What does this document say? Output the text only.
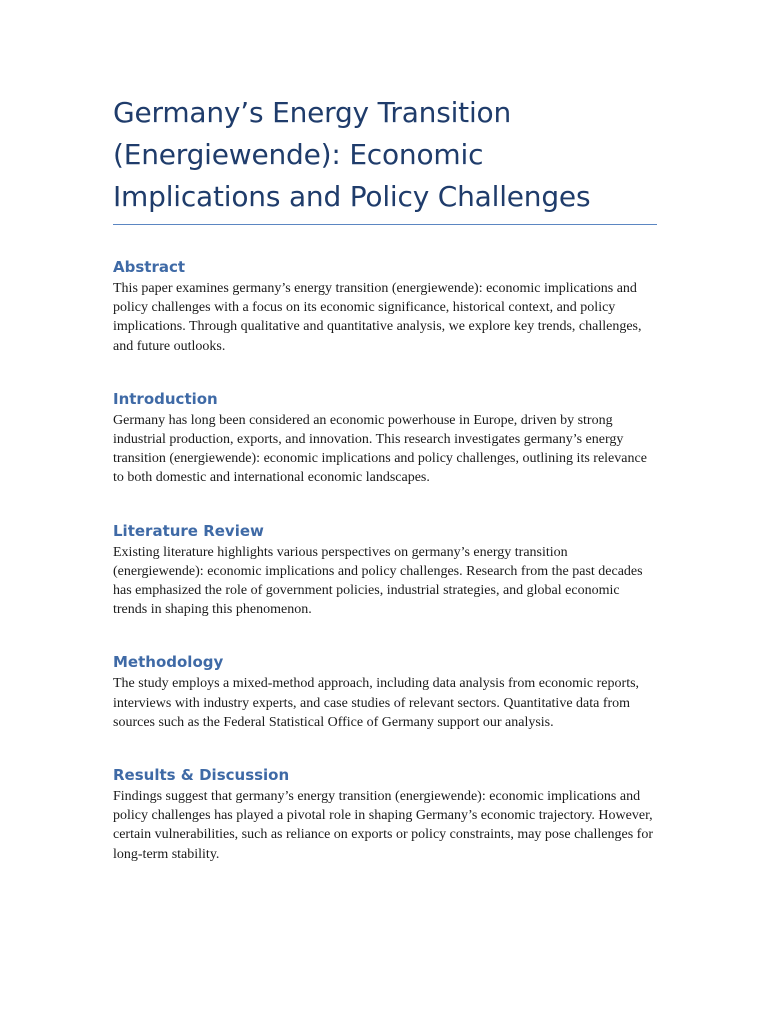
Germany’s Energy Transition (Energiewende): Economic Implications and Policy Challenges
Abstract

This paper examines germany’s energy transition (energiewende): economic implications and policy challenges with a focus on its economic significance, historical context, and policy implications. Through qualitative and quantitative analysis, we explore key trends, challenges, and future outlooks.

Introduction

Germany has long been considered an economic powerhouse in Europe, driven by strong industrial production, exports, and innovation. This research investigates germany’s energy transition (energiewende): economic implications and policy challenges, outlining its relevance to both domestic and international economic landscapes.

Literature Review

Existing literature highlights various perspectives on germany’s energy transition (energiewende): economic implications and policy challenges. Research from the past decades has emphasized the role of government policies, industrial strategies, and global economic trends in shaping this phenomenon.

Methodology

The study employs a mixed-method approach, including data analysis from economic reports, interviews with industry experts, and case studies of relevant sectors. Quantitative data from sources such as the Federal Statistical Office of Germany support our analysis.

Results & Discussion

Findings suggest that germany’s energy transition (energiewende): economic implications and policy challenges has played a pivotal role in shaping Germany’s economic trajectory. However, certain vulnerabilities, such as reliance on exports or policy constraints, may pose challenges for long-term stability.
